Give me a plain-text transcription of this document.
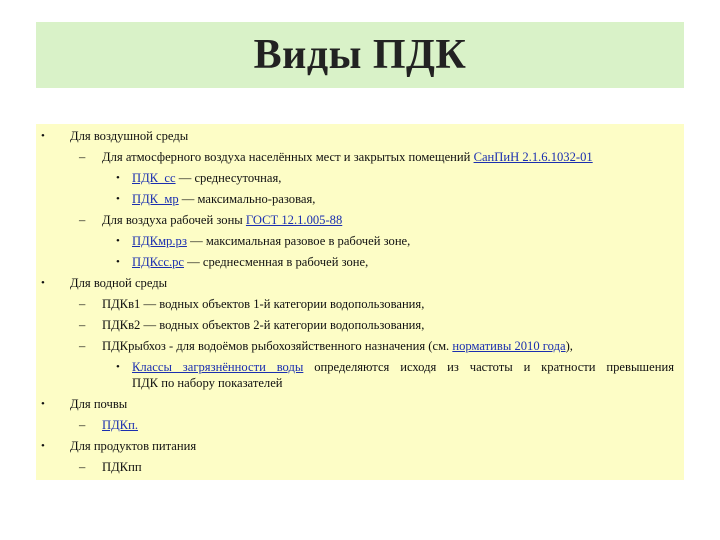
Виды ПДК
• Для воздушной среды
– Для атмосферного воздуха населённых мест и закрытых помещений СанПиН 2.1.6.1032-01
• ПДК_сс — среднесуточная,
• ПДК_мр — максимально-разовая,
– Для воздуха рабочей зоны ГОСТ 12.1.005-88
• ПДКмр.рз — максимальная разовое в рабочей зоне,
• ПДКсс.рс — среднесменная в рабочей зоне,
• Для водной среды
– ПДКв1 — водных объектов 1-й категории водопользования,
– ПДКв2 — водных объектов 2-й категории водопользования,
– ПДКрыбхоз - для водоёмов рыбохозяйственного назначения (см. нормативы 2010 года),
• Классы загрязнённости воды определяются исходя из частоты и кратности превышения
ПДК по набору показателей
• Для почвы
– ПДКп.
• Для продуктов питания
– ПДКпп
